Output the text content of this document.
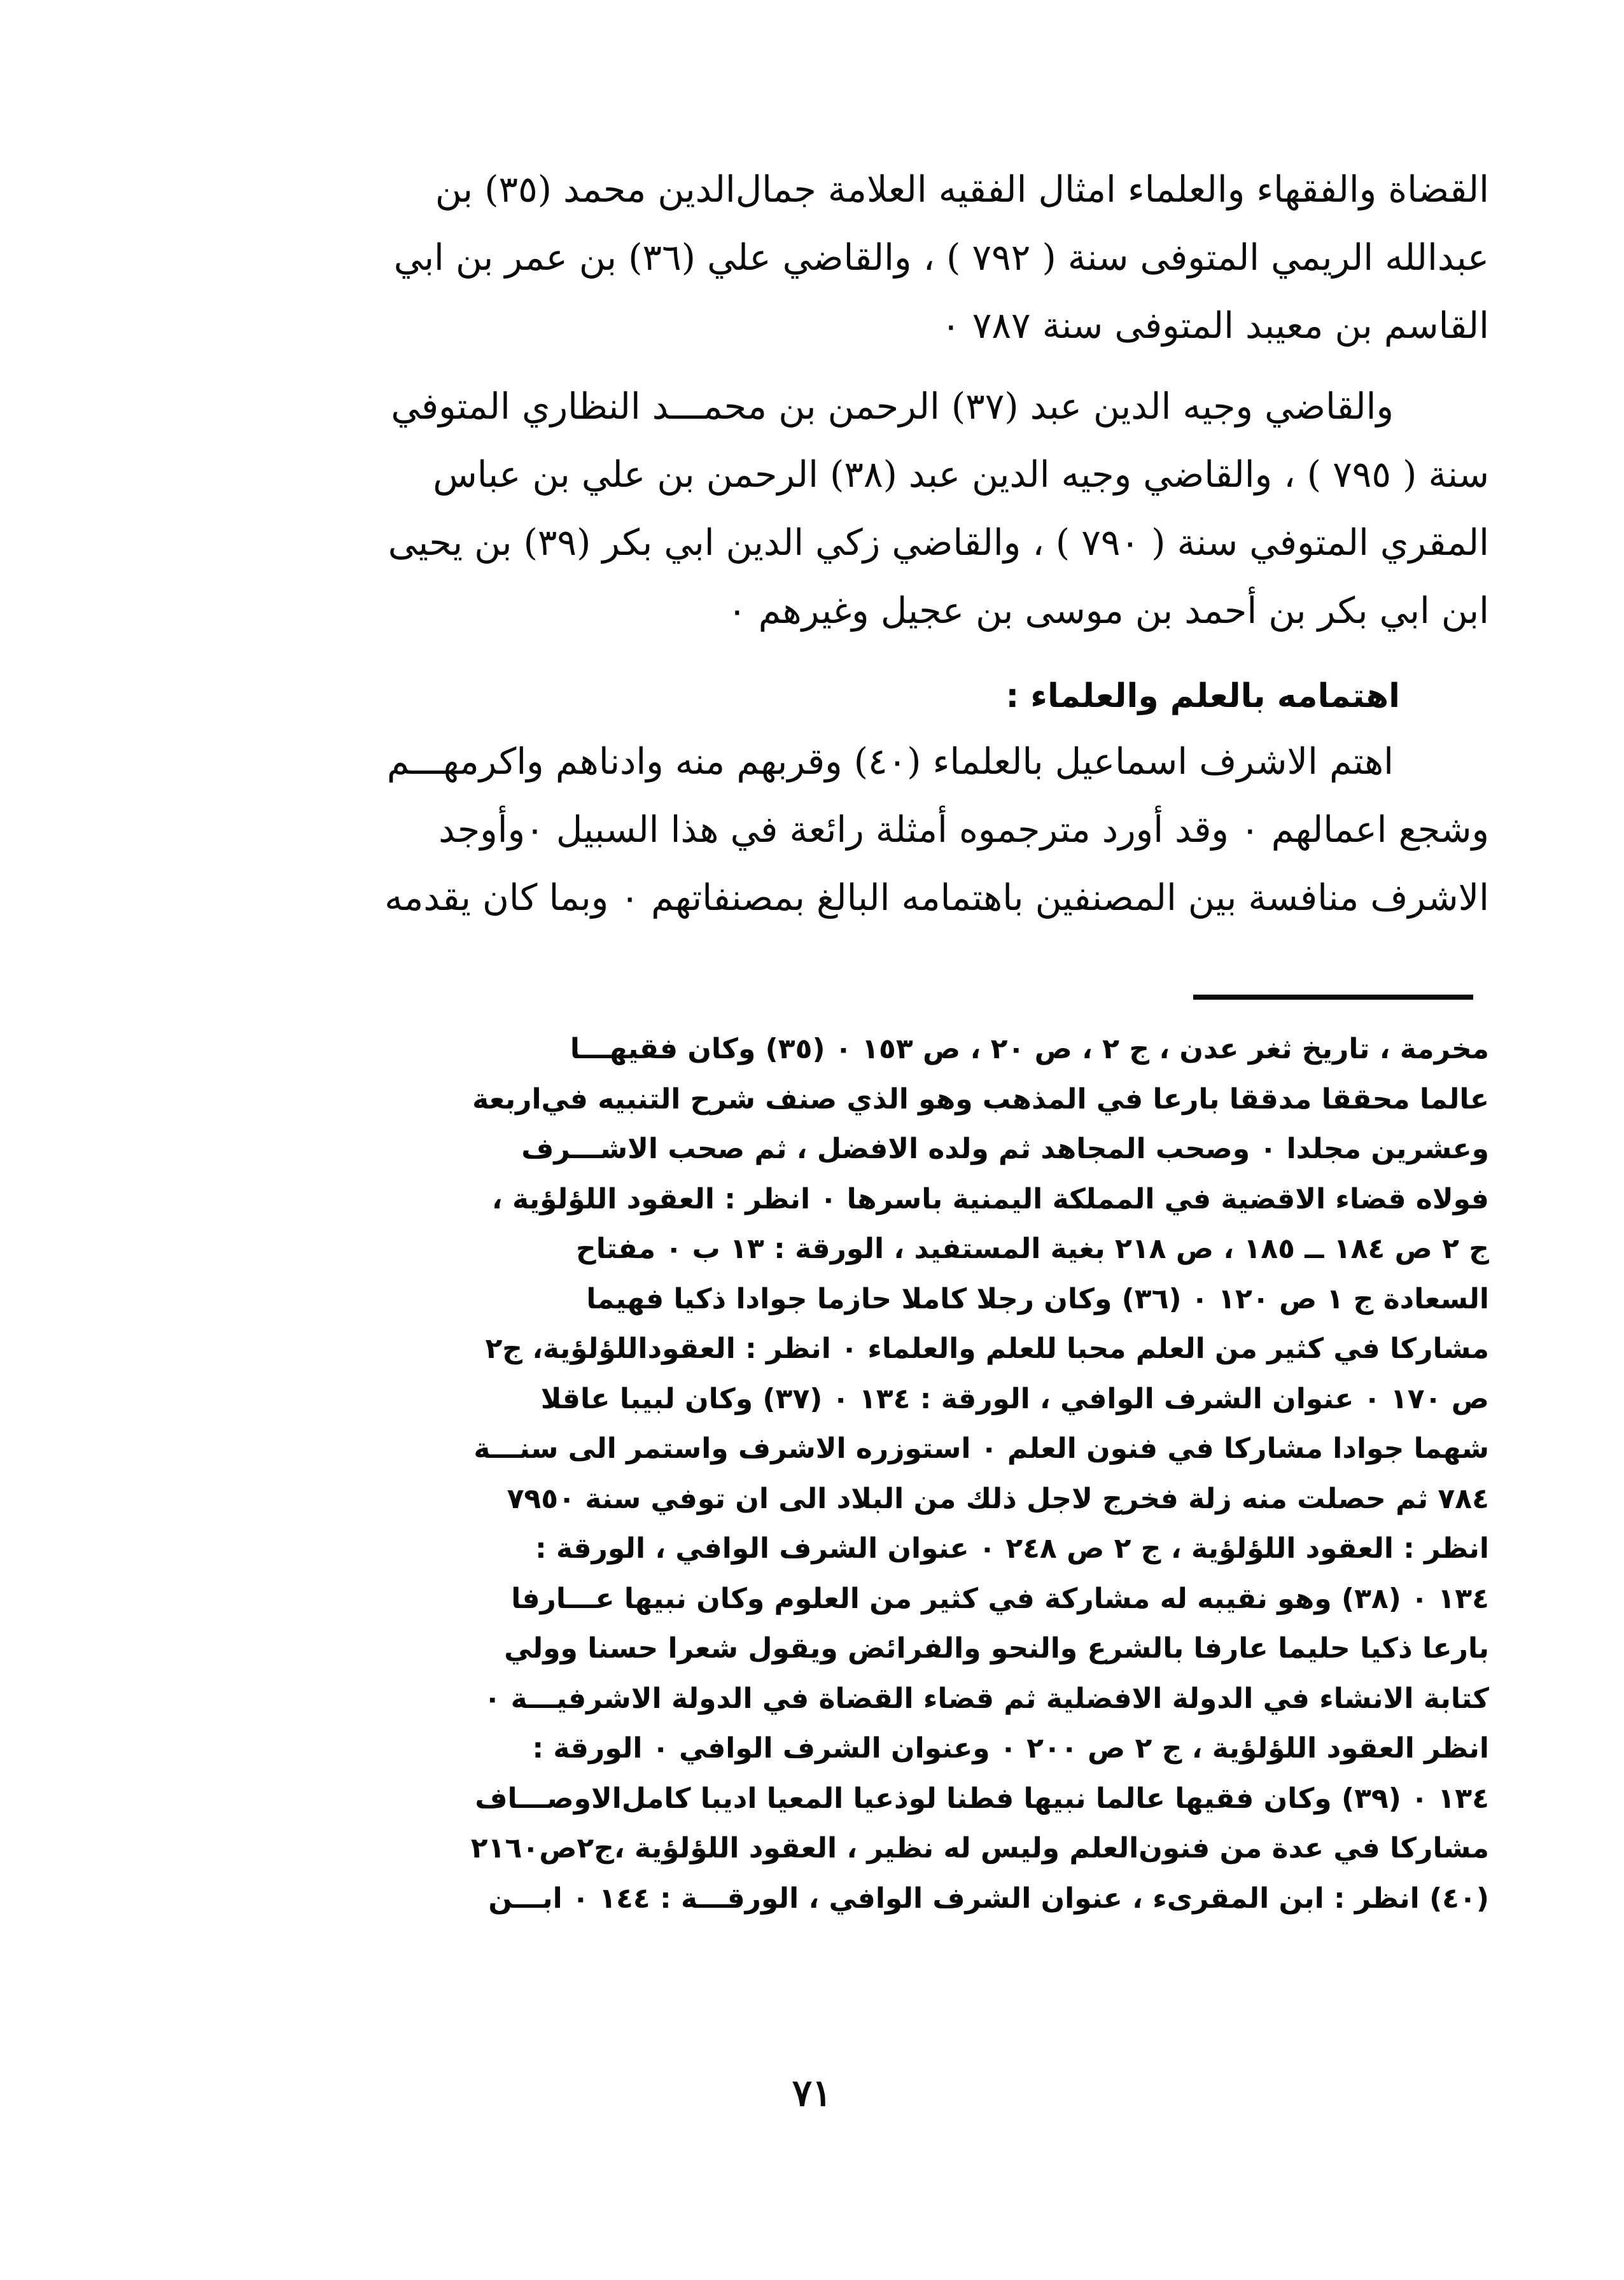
القضاة والفقهاء والعلماء امثال الفقيه العلامة جمال‌الدين محمد (٣٥) بن
عبدالله الريمي المتوفى سنة ( ٧٩٢ ) ، والقاضي علي (٣٦) بن عمر بن ابي
القاسم بن معيبد المتوفى سنة ٧٨٧ ٠
والقاضي وجيه الدين عبد (٣٧) الرحمن بن محمـــد النظاري المتوفي
سنة ( ٧٩٥ ) ، والقاضي وجيه الدين عبد (٣٨) الرحمن بن علي بن عباس
المقري المتوفي سنة ( ٧٩٠ ) ، والقاضي زكي الدين ابي بكر (٣٩) بن يحيى
ابن ابي بكر بن أحمد بن موسى بن عجيل وغيرهم ٠
اهتمامه بالعلم والعلماء :
اهتم الاشرف اسماعيل بالعلماء (٤٠) وقربهم منه وادناهم واكرمهـــم
وشجع اعمالهم ٠ وقد أورد مترجموه أمثلة رائعة في هذا السبيل ٠وأوجد
الاشرف منافسة بين المصنفين باهتمامه البالغ بمصنفاتهم ٠ وبما كان يقدمه
مخرمة ، تاريخ ثغر عدن ، ج ٢ ، ص ٢٠ ، ص ١٥٣ ٠ (٣٥) وكان فقيهـــا
عالما محققا مدققا بارعا في المذهب وهو الذي صنف شرح التنبيه في‌اربعة
وعشرين مجلدا ٠ وصحب المجاهد ثم ولده الافضل ، ثم صحب الاشـــرف
فولاه قضاء الاقضية في المملكة اليمنية باسرها ٠ انظر : العقود اللؤلؤية ،
ج ٢ ص ١٨٤ ــ ١٨٥ ، ص ٢١٨ بغية المستفيد ، الورقة : ١٣ ب ٠ مفتاح
السعادة ج ١ ص ١٢٠ ٠ (٣٦) وكان رجلا كاملا حازما جوادا ذكيا فهيما
مشاركا في كثير من العلم محبا للعلم والعلماء ٠ انظر : العقوداللؤلؤية، ج٢
ص ١٧٠ ٠ عنوان الشرف الوافي ، الورقة : ١٣٤ ٠ (٣٧) وكان لبيبا عاقلا
شهما جوادا مشاركا في فنون العلم ٠ استوزره الاشرف واستمر الى سنـــة
٧٨٤ ثم حصلت منه زلة فخرج لاجل ذلك من البلاد الى ان توفي سنة ٧٩٥٠
انظر : العقود اللؤلؤية ، ج ٢ ص ٢٤٨ ٠ عنوان الشرف الوافي ، الورقة :
١٣٤ ٠ (٣٨) وهو نقيبه له مشاركة في كثير من العلوم وكان نبيها عـــارفا
بارعا ذكيا حليما عارفا بالشرع والنحو والفرائض ويقول شعرا حسنا وولي
كتابة الانشاء في الدولة الافضلية ثم قضاء القضاة في الدولة الاشرفيـــة ٠
انظر العقود اللؤلؤية ، ج ٢ ص ٢٠٠ ٠ وعنوان الشرف الوافي ٠ الورقة :
١٣٤ ٠ (٣٩) وكان فقيها عالما نبيها فطنا لوذعيا المعيا اديبا كامل‌الاوصـــاف
مشاركا في عدة من فنون‌العلم وليس له نظير ، العقود اللؤلؤية ،ج٢ص٢١٦٠
(٤٠) انظر : ابن المقرىء ، عنوان الشرف الوافي ، الورقـــة : ١٤٤ ٠ ابـــن
٧١
